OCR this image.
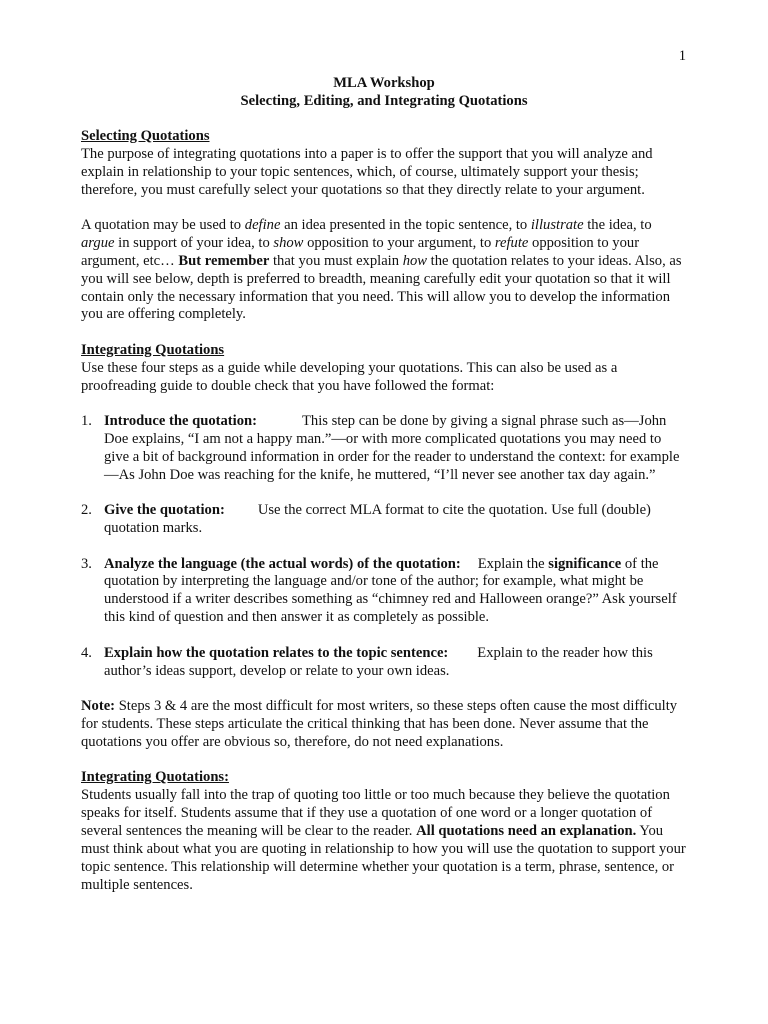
1
MLA Workshop
Selecting, Editing, and Integrating Quotations
Selecting Quotations

The purpose of integrating quotations into a paper is to offer the support that you will analyze and explain in relationship to your topic sentences, which, of course, ultimately support your thesis; therefore, you must carefully select your quotations so that they directly relate to your argument.

A quotation may be used to define an idea presented in the topic sentence, to illustrate the idea, to argue in support of your idea, to show opposition to your argument, to refute opposition to your argument, etc… But remember that you must explain how the quotation relates to your ideas. Also, as you will see below, depth is preferred to breadth, meaning carefully edit your quotation so that it will contain only the necessary information that you need. This will allow you to develop the information you are offering completely.

Integrating Quotations

Use these four steps as a guide while developing your quotations. This can also be used as a proofreading guide to double check that you have followed the format:

1. Introduce the quotation:	This step can be done by giving a signal phrase such as—John Doe explains, “I am not a happy man.”—or with more complicated quotations you may need to give a bit of background information in order for the reader to understand the context: for example—As John Doe was reaching for the knife, he muttered, “I’ll never see another tax day again.”
2. Give the quotation: Use the correct MLA format to cite the quotation. Use full (double) quotation marks.
3. Analyze the language (the actual words) of the quotation: Explain the significance of the quotation by interpreting the language and/or tone of the author; for example, what might be understood if a writer describes something as “chimney red and Halloween orange?” Ask yourself this kind of question and then answer it as completely as possible.
4. Explain how the quotation relates to the topic sentence: Explain to the reader how this author’s ideas support, develop or relate to your own ideas.

Note: Steps 3 & 4 are the most difficult for most writers, so these steps often cause the most difficulty for students. These steps articulate the critical thinking that has been done. Never assume that the quotations you offer are obvious so, therefore, do not need explanations.

Integrating Quotations:

Students usually fall into the trap of quoting too little or too much because they believe the quotation speaks for itself. Students assume that if they use a quotation of one word or a longer quotation of several sentences the meaning will be clear to the reader. All quotations need an explanation. You must think about what you are quoting in relationship to how you will use the quotation to support your topic sentence. This relationship will determine whether your quotation is a term, phrase, sentence, or multiple sentences.
